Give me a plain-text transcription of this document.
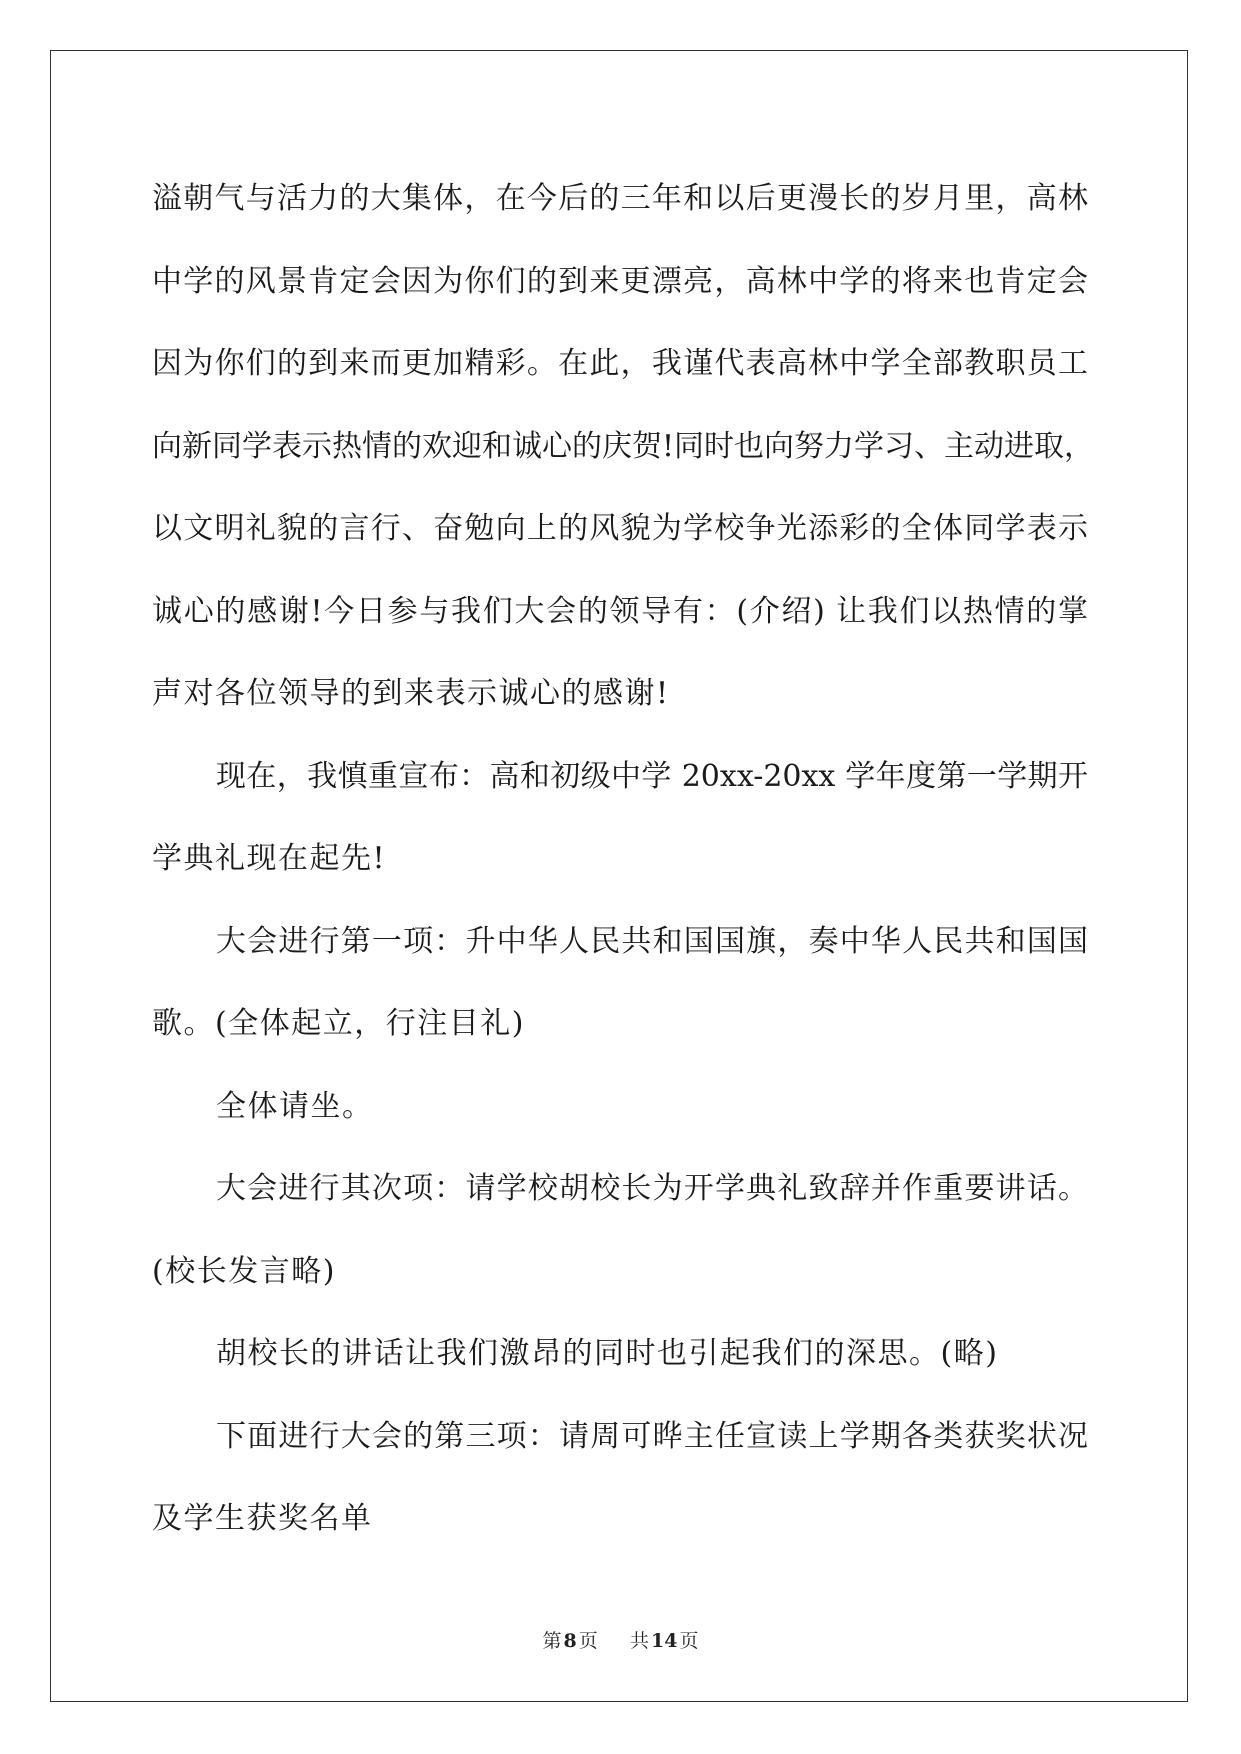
溢朝气与活力的大集体，在今后的三年和以后更漫长的岁月里，高林
中学的风景肯定会因为你们的到来更漂亮，高林中学的将来也肯定会
因为你们的到来而更加精彩。在此，我谨代表高林中学全部教职员工
向新同学表示热情的欢迎和诚心的庆贺!同时也向努力学习、主动进取，
以文明礼貌的言行、奋勉向上的风貌为学校争光添彩的全体同学表示
诚心的感谢!今日参与我们大会的领导有：(介绍) 让我们以热情的掌
声对各位领导的到来表示诚心的感谢!
现在，我慎重宣布：高和初级中学 20xx-20xx 学年度第一学期开
学典礼现在起先!
大会进行第一项：升中华人民共和国国旗，奏中华人民共和国国
歌。(全体起立，行注目礼)
全体请坐。
大会进行其次项：请学校胡校长为开学典礼致辞并作重要讲话。
(校长发言略)
胡校长的讲话让我们激昂的同时也引起我们的深思。(略)
下面进行大会的第三项：请周可晔主任宣读上学期各类获奖状况
及学生获奖名单
第 8 页 共 14 页
